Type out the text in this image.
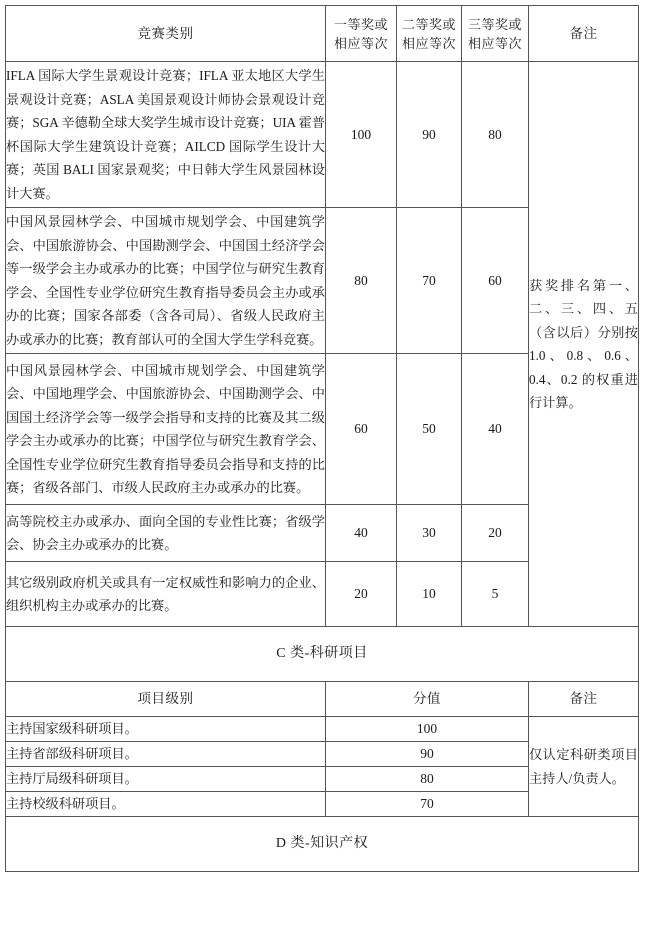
竞赛类别	一等奖或相应等次	二等奖或相应等次	三等奖或相应等次	备注
IFLA 国际大学生景观设计竞赛；IFLA 亚太地区大学生景观设计竞赛；ASLA 美国景观设计师协会景观设计竞赛；SGA 辛德勒全球大奖学生城市设计竞赛；UIA 霍普杯国际大学生建筑设计竞赛；AILCD 国际学生设计大赛；英国 BALI 国家景观奖；中日韩大学生风景园林设计大赛。	100	90	80	获奖排名第一、二、三、四、五（含以后）分别按 1.0、0.8、0.6、0.4、0.2 的权重进行计算。
中国风景园林学会、中国城市规划学会、中国建筑学会、中国旅游协会、中国勘测学会、中国国土经济学会等一级学会主办或承办的比赛；中国学位与研究生教育学会、全国性专业学位研究生教育指导委员会主办或承办的比赛；国家各部委（含各司局）、省级人民政府主办或承办的比赛；教育部认可的全国大学生学科竞赛。	80	70	60	
中国风景园林学会、中国城市规划学会、中国建筑学会、中国地理学会、中国旅游协会、中国勘测学会、中国国土经济学会等一级学会指导和支持的比赛及其二级学会主办或承办的比赛；中国学位与研究生教育学会、全国性专业学位研究生教育指导委员会指导和支持的比赛；省级各部门、市级人民政府主办或承办的比赛。	60	50	40	
高等院校主办或承办、面向全国的专业性比赛；省级学会、协会主办或承办的比赛。	40	30	20	
其它级别政府机关或具有一定权威性和影响力的企业、组织机构主办或承办的比赛。	20	10	5	
C 类-科研项目				
项目级别	分值			备注
主持国家级科研项目。	100			仅认定科研类项目主持人/负责人。
主持省部级科研项目。	90			
主持厅局级科研项目。	80			
主持校级科研项目。	70			
D 类-知识产权				
